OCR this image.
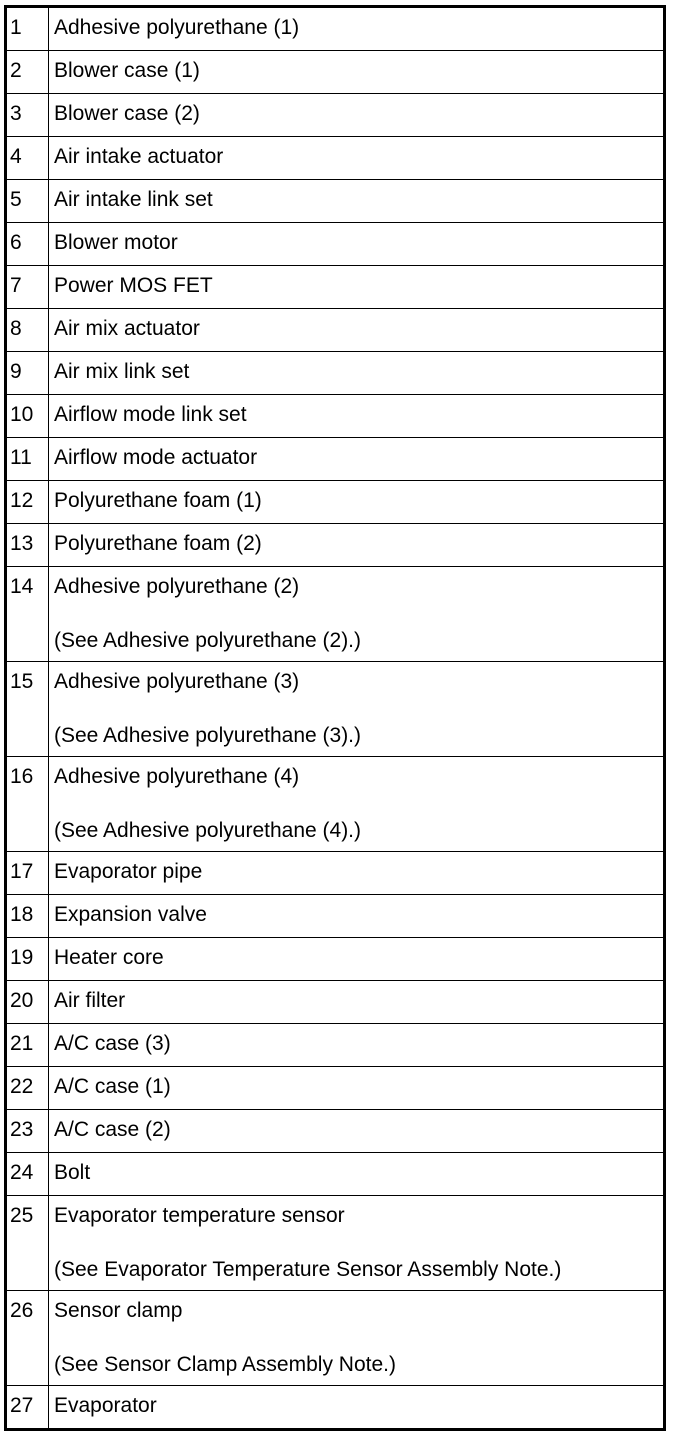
1	Adhesive polyurethane (1)

2	Blower case (1)

3	Blower case (2)

4	Air intake actuator

5	Air intake link set

6	Blower motor

7	Power MOS FET

8	Air mix actuator

9	Air mix link set

10	Airflow mode link set

11	Airflow mode actuator

12	Polyurethane foam (1)

13	Polyurethane foam (2)

14	Adhesive polyurethane (2)
(See Adhesive polyurethane (2).)

15	Adhesive polyurethane (3)
(See Adhesive polyurethane (3).)

16	Adhesive polyurethane (4)
(See Adhesive polyurethane (4).)

17	Evaporator pipe

18	Expansion valve

19	Heater core

20	Air filter

21	A/C case (3)

22	A/C case (1)

23	A/C case (2)

24	Bolt

25	Evaporator temperature sensor
(See Evaporator Temperature Sensor Assembly Note.)

26	Sensor clamp
(See Sensor Clamp Assembly Note.)

27	Evaporator
